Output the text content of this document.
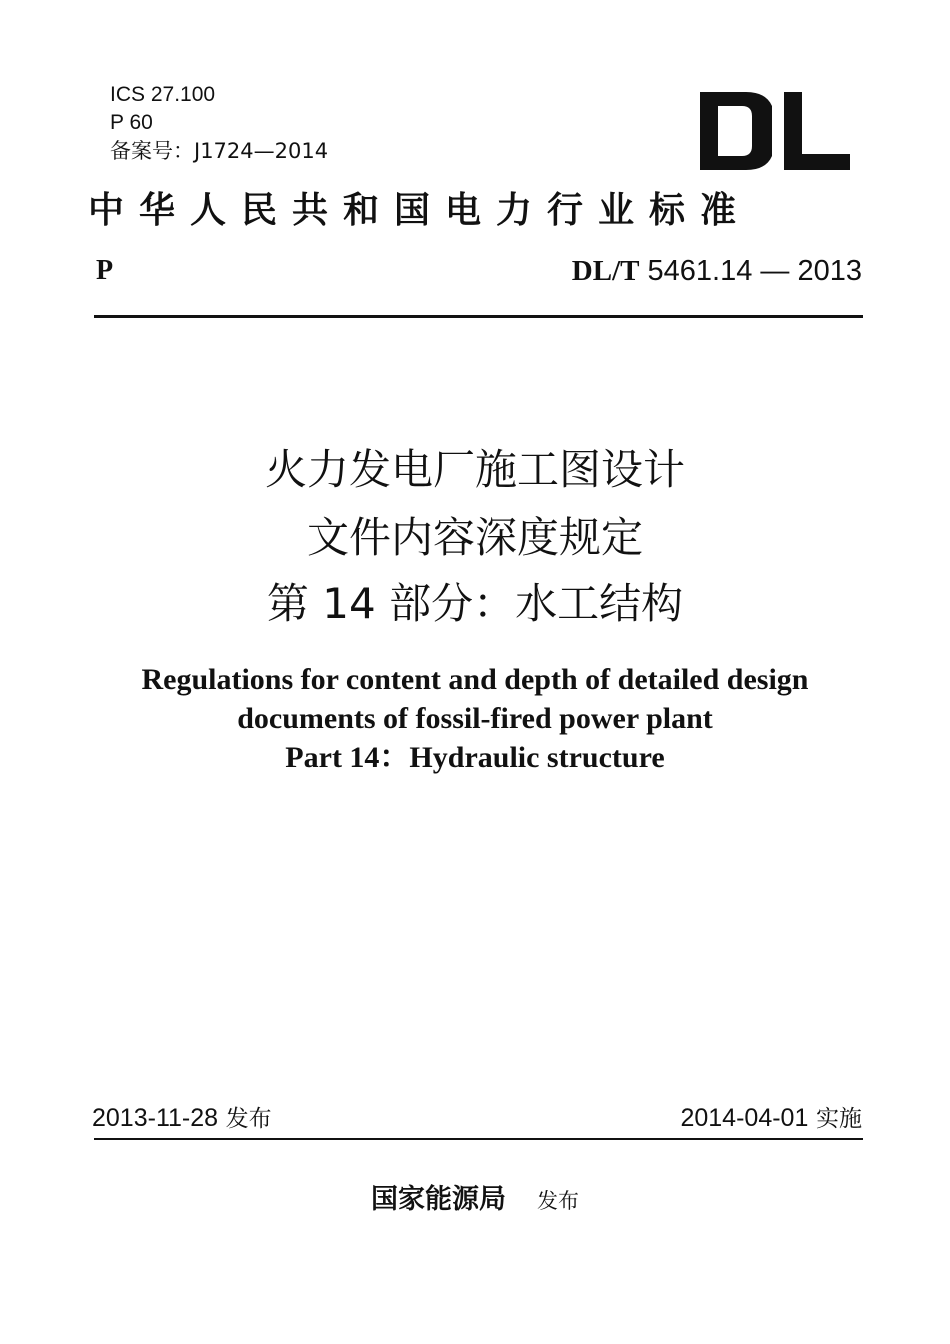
ICS 27.100
P 60
备案号：J1724—2014
中华人民共和国电力行业标准
P	DL/T 5461.14 — 2013
火力发电厂施工图设计
文件内容深度规定
第 14 部分：水工结构
Regulations for content and depth of detailed design
documents of fossil-fired power plant
Part 14：Hydraulic structure
2013-11-28 发布	2014-04-01 实施
国家能源局 发布
